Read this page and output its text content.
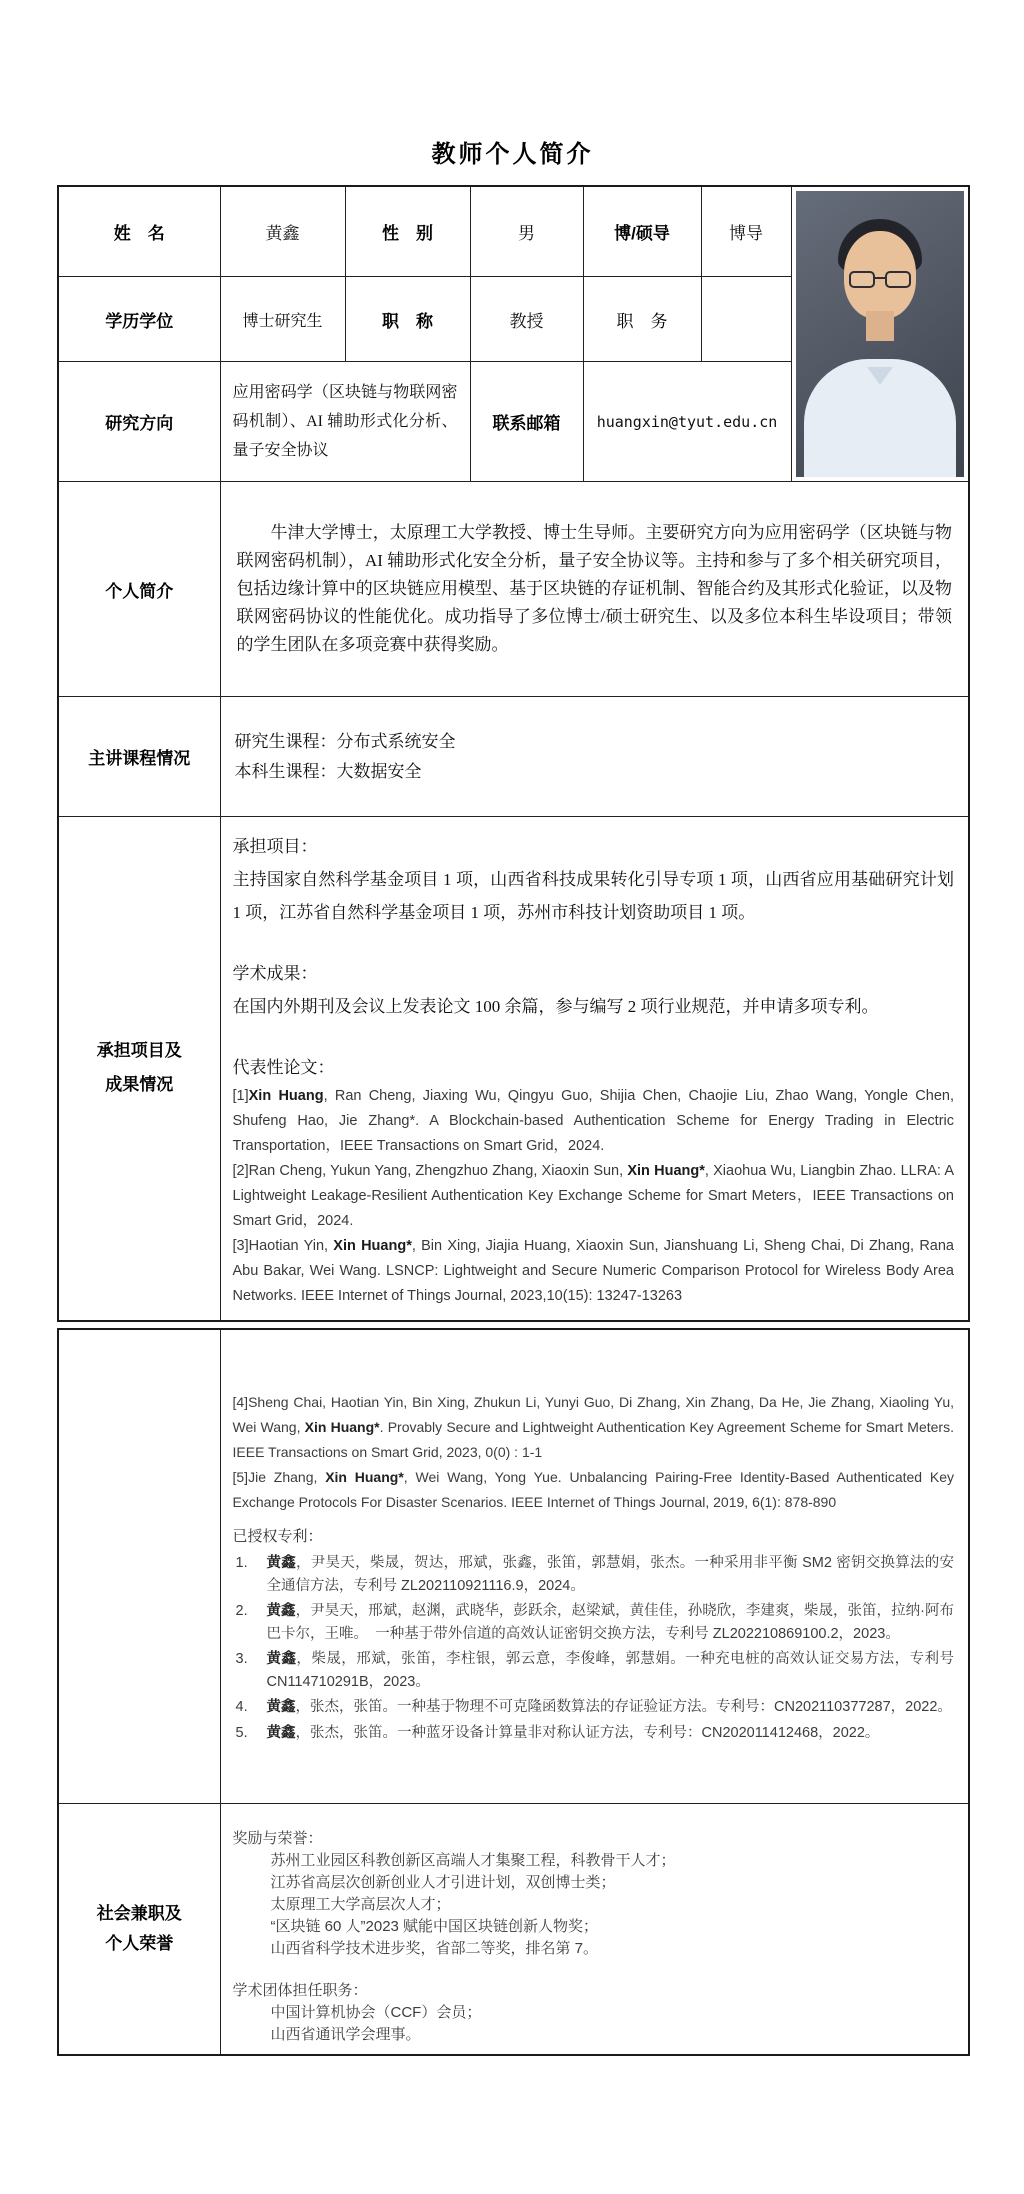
教师个人简介
姓　名	黄鑫	性　别	男	博/硕导	博导	

学历学位	博士研究生	职　称	教授	职　务		
研究方向	应用密码学（区块链与物联网密码机制）、AI 辅助形式化分析、量子安全协议		联系邮箱	huangxin@tyut.edu.cn		
个人简介	牛津大学博士，太原理工大学教授、博士生导师。主要研究方向为应用密码学（区块链与物联网密码机制），AI 辅助形式化安全分析，量子安全协议等。主持和参与了多个相关研究项目，包括边缘计算中的区块链应用模型、基于区块链的存证机制、智能合约及其形式化验证，以及物联网密码协议的性能优化。成功指导了多位博士/硕士研究生、以及多位本科生毕设项目；带领的学生团队在多项竞赛中获得奖励。					

主讲课程情况	研究生课程：分布式系统安全
本科生课程：大数据安全					

承担项目及
成果情况

承担项目：
主持国家自然科学基金项目 1 项，山西省科技成果转化引导专项 1 项，山西省应用基础研究计划 1 项，江苏省自然科学基金项目 1 项，苏州市科技计划资助项目 1 项。
学术成果：
在国内外期刊及会议上发表论文 100 余篇，参与编写 2 项行业规范，并申请多项专利。
代表性论文：
[1]Xin Huang, Ran Cheng, Jiaxing Wu, Qingyu Guo, Shijia Chen, Chaojie Liu, Zhao Wang, Yongle Chen, Shufeng Hao, Jie Zhang*. A Blockchain-based Authentication Scheme for Energy Trading in Electric Transportation，IEEE Transactions on Smart Grid，2024.
[2]Ran Cheng, Yukun Yang, Zhengzhuo Zhang, Xiaoxin Sun, Xin Huang*, Xiaohua Wu, Liangbin Zhao. LLRA: A Lightweight Leakage-Resilient Authentication Key Exchange Scheme for Smart Meters，IEEE Transactions on Smart Grid，2024.
[3]Haotian Yin, Xin Huang*, Bin Xing, Jiajia Huang, Xiaoxin Sun, Jianshuang Li, Sheng Chai, Di Zhang, Rana Abu Bakar, Wei Wang. LSNCP: Lightweight and Secure Numeric Comparison Protocol for Wireless Body Area Networks. IEEE Internet of Things Journal, 2023,10(15): 13247-13263

[4]Sheng Chai, Haotian Yin, Bin Xing, Zhukun Li, Yunyi Guo, Di Zhang, Xin Zhang, Da He, Jie Zhang, Xiaoling Yu, Wei Wang, Xin Huang*. Provably Secure and Lightweight Authentication Key Agreement Scheme for Smart Meters. IEEE Transactions on Smart Grid, 2023, 0(0) : 1-1
[5]Jie Zhang, Xin Huang*, Wei Wang, Yong Yue. Unbalancing Pairing-Free Identity-Based Authenticated Key Exchange Protocols For Disaster Scenarios. IEEE Internet of Things Journal, 2019, 6(1): 878-890
已授权专利：
1.	黄鑫，尹昊天，柴晟，贺达，邢斌，张鑫，张笛，郭慧娟，张杰。一种采用非平衡 SM2 密钥交换算法的安全通信方法，专利号 ZL202110921116.9，2024。
2.	黄鑫，尹昊天，邢斌，赵渊，武晓华，彭跃余，赵梁斌，黄佳佳，孙晓欣，李建爽，柴晟，张笛，拉纳·阿布巴卡尔，王唯。　一种基于带外信道的高效认证密钥交换方法，专利号 ZL202210869100.2，2023。
3.	黄鑫，柴晟，邢斌，张笛，李柱银，郭云意，李俊峰，郭慧娟。一种充电桩的高效认证交易方法，专利号 CN114710291B，2023。
4.	黄鑫，张杰，张笛。一种基于物理不可克隆函数算法的存证验证方法。专利号：CN202110377287，2022。
5.	黄鑫，张杰，张笛。一种蓝牙设备计算量非对称认证方法，专利号：CN202011412468，2022。

社会兼职及
个人荣誉

奖励与荣誉：
苏州工业园区科教创新区高端人才集聚工程，科教骨干人才；
江苏省高层次创新创业人才引进计划，双创博士类；
太原理工大学高层次人才；
“区块链 60 人”2023 赋能中国区块链创新人物奖；
山西省科学技术进步奖，省部二等奖，排名第 7。
学术团体担任职务：
中国计算机协会（CCF）会员；
山西省通讯学会理事。
